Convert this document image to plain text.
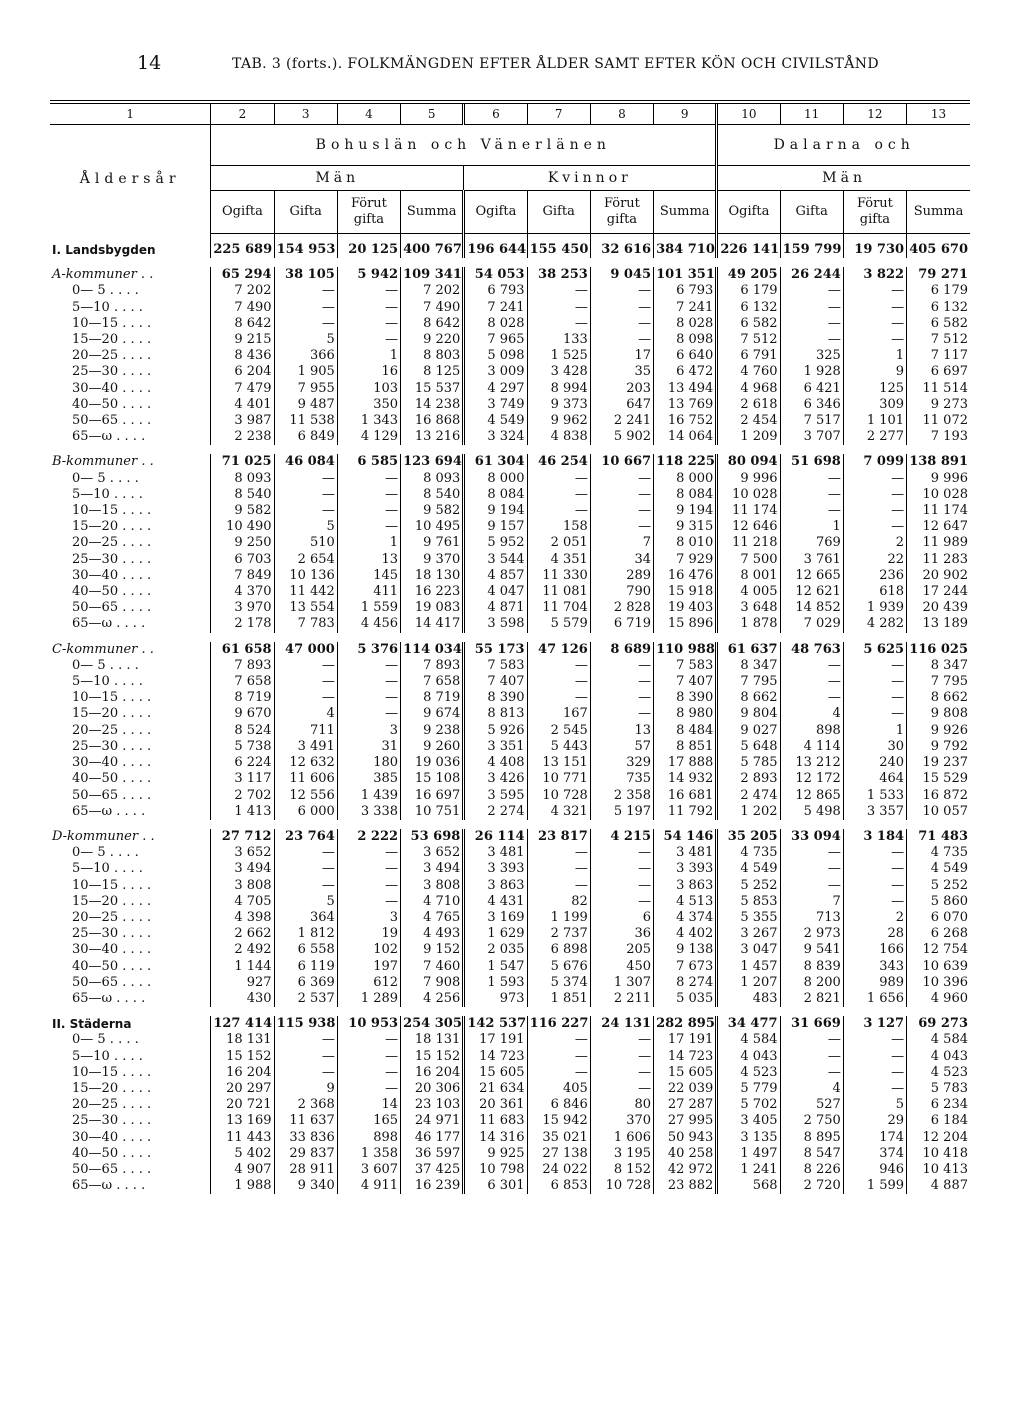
14	TAB. 3 (forts.). FOLKMÄNGDEN EFTER ÅLDER SAMT EFTER KÖN OCH CIVILSTÅND
1	2	3	4	5	6	7	8	9	10	11	12	13
Åldersår	Bohuslän och Vänerlänen								Dalarna och			
	Män				Kvinnor				Män			
	Ogifta	Gifta	Förut gifta	Summa	Ogifta	Gifta	Förut gifta	Summa	Ogifta	Gifta	Förut gifta	Summa
I. Landsbygden	225 689	154 953	20 125	400 767	196 644	155 450	32 616	384 710	226 141	159 799	19 730	405 670

A-kommuner . .	65 294	38 105	5 942	109 341	54 053	38 253	9 045	101 351	49 205	26 244	3 822	79 271
0— 5 . . . .	7 202	—	—	7 202	6 793	—	—	6 793	6 179	—	—	6 179
5—10 . . . .	7 490	—	—	7 490	7 241	—	—	7 241	6 132	—	—	6 132
10—15 . . . .	8 642	—	—	8 642	8 028	—	—	8 028	6 582	—	—	6 582
15—20 . . . .	9 215	5	—	9 220	7 965	133	—	8 098	7 512	—	—	7 512
20—25 . . . .	8 436	366	1	8 803	5 098	1 525	17	6 640	6 791	325	1	7 117
25—30 . . . .	6 204	1 905	16	8 125	3 009	3 428	35	6 472	4 760	1 928	9	6 697
30—40 . . . .	7 479	7 955	103	15 537	4 297	8 994	203	13 494	4 968	6 421	125	11 514
40—50 . . . .	4 401	9 487	350	14 238	3 749	9 373	647	13 769	2 618	6 346	309	9 273
50—65 . . . .	3 987	11 538	1 343	16 868	4 549	9 962	2 241	16 752	2 454	7 517	1 101	11 072
65—ω . . . .	2 238	6 849	4 129	13 216	3 324	4 838	5 902	14 064	1 209	3 707	2 277	7 193

B-kommuner . .	71 025	46 084	6 585	123 694	61 304	46 254	10 667	118 225	80 094	51 698	7 099	138 891
0— 5 . . . .	8 093	—	—	8 093	8 000	—	—	8 000	9 996	—	—	9 996
5—10 . . . .	8 540	—	—	8 540	8 084	—	—	8 084	10 028	—	—	10 028
10—15 . . . .	9 582	—	—	9 582	9 194	—	—	9 194	11 174	—	—	11 174
15—20 . . . .	10 490	5	—	10 495	9 157	158	—	9 315	12 646	1	—	12 647
20—25 . . . .	9 250	510	1	9 761	5 952	2 051	7	8 010	11 218	769	2	11 989
25—30 . . . .	6 703	2 654	13	9 370	3 544	4 351	34	7 929	7 500	3 761	22	11 283
30—40 . . . .	7 849	10 136	145	18 130	4 857	11 330	289	16 476	8 001	12 665	236	20 902
40—50 . . . .	4 370	11 442	411	16 223	4 047	11 081	790	15 918	4 005	12 621	618	17 244
50—65 . . . .	3 970	13 554	1 559	19 083	4 871	11 704	2 828	19 403	3 648	14 852	1 939	20 439
65—ω . . . .	2 178	7 783	4 456	14 417	3 598	5 579	6 719	15 896	1 878	7 029	4 282	13 189

C-kommuner . .	61 658	47 000	5 376	114 034	55 173	47 126	8 689	110 988	61 637	48 763	5 625	116 025
0— 5 . . . .	7 893	—	—	7 893	7 583	—	—	7 583	8 347	—	—	8 347
5—10 . . . .	7 658	—	—	7 658	7 407	—	—	7 407	7 795	—	—	7 795
10—15 . . . .	8 719	—	—	8 719	8 390	—	—	8 390	8 662	—	—	8 662
15—20 . . . .	9 670	4	—	9 674	8 813	167	—	8 980	9 804	4	—	9 808
20—25 . . . .	8 524	711	3	9 238	5 926	2 545	13	8 484	9 027	898	1	9 926
25—30 . . . .	5 738	3 491	31	9 260	3 351	5 443	57	8 851	5 648	4 114	30	9 792
30—40 . . . .	6 224	12 632	180	19 036	4 408	13 151	329	17 888	5 785	13 212	240	19 237
40—50 . . . .	3 117	11 606	385	15 108	3 426	10 771	735	14 932	2 893	12 172	464	15 529
50—65 . . . .	2 702	12 556	1 439	16 697	3 595	10 728	2 358	16 681	2 474	12 865	1 533	16 872
65—ω . . . .	1 413	6 000	3 338	10 751	2 274	4 321	5 197	11 792	1 202	5 498	3 357	10 057

D-kommuner . .	27 712	23 764	2 222	53 698	26 114	23 817	4 215	54 146	35 205	33 094	3 184	71 483
0— 5 . . . .	3 652	—	—	3 652	3 481	—	—	3 481	4 735	—	—	4 735
5—10 . . . .	3 494	—	—	3 494	3 393	—	—	3 393	4 549	—	—	4 549
10—15 . . . .	3 808	—	—	3 808	3 863	—	—	3 863	5 252	—	—	5 252
15—20 . . . .	4 705	5	—	4 710	4 431	82	—	4 513	5 853	7	—	5 860
20—25 . . . .	4 398	364	3	4 765	3 169	1 199	6	4 374	5 355	713	2	6 070
25—30 . . . .	2 662	1 812	19	4 493	1 629	2 737	36	4 402	3 267	2 973	28	6 268
30—40 . . . .	2 492	6 558	102	9 152	2 035	6 898	205	9 138	3 047	9 541	166	12 754
40—50 . . . .	1 144	6 119	197	7 460	1 547	5 676	450	7 673	1 457	8 839	343	10 639
50—65 . . . .	927	6 369	612	7 908	1 593	5 374	1 307	8 274	1 207	8 200	989	10 396
65—ω . . . .	430	2 537	1 289	4 256	973	1 851	2 211	5 035	483	2 821	1 656	4 960

II. Städerna	127 414	115 938	10 953	254 305	142 537	116 227	24 131	282 895	34 477	31 669	3 127	69 273
0— 5 . . . .	18 131	—	—	18 131	17 191	—	—	17 191	4 584	—	—	4 584
5—10 . . . .	15 152	—	—	15 152	14 723	—	—	14 723	4 043	—	—	4 043
10—15 . . . .	16 204	—	—	16 204	15 605	—	—	15 605	4 523	—	—	4 523
15—20 . . . .	20 297	9	—	20 306	21 634	405	—	22 039	5 779	4	—	5 783
20—25 . . . .	20 721	2 368	14	23 103	20 361	6 846	80	27 287	5 702	527	5	6 234
25—30 . . . .	13 169	11 637	165	24 971	11 683	15 942	370	27 995	3 405	2 750	29	6 184
30—40 . . . .	11 443	33 836	898	46 177	14 316	35 021	1 606	50 943	3 135	8 895	174	12 204
40—50 . . . .	5 402	29 837	1 358	36 597	9 925	27 138	3 195	40 258	1 497	8 547	374	10 418
50—65 . . . .	4 907	28 911	3 607	37 425	10 798	24 022	8 152	42 972	1 241	8 226	946	10 413
65—ω . . . .	1 988	9 340	4 911	16 239	6 301	6 853	10 728	23 882	568	2 720	1 599	4 887
